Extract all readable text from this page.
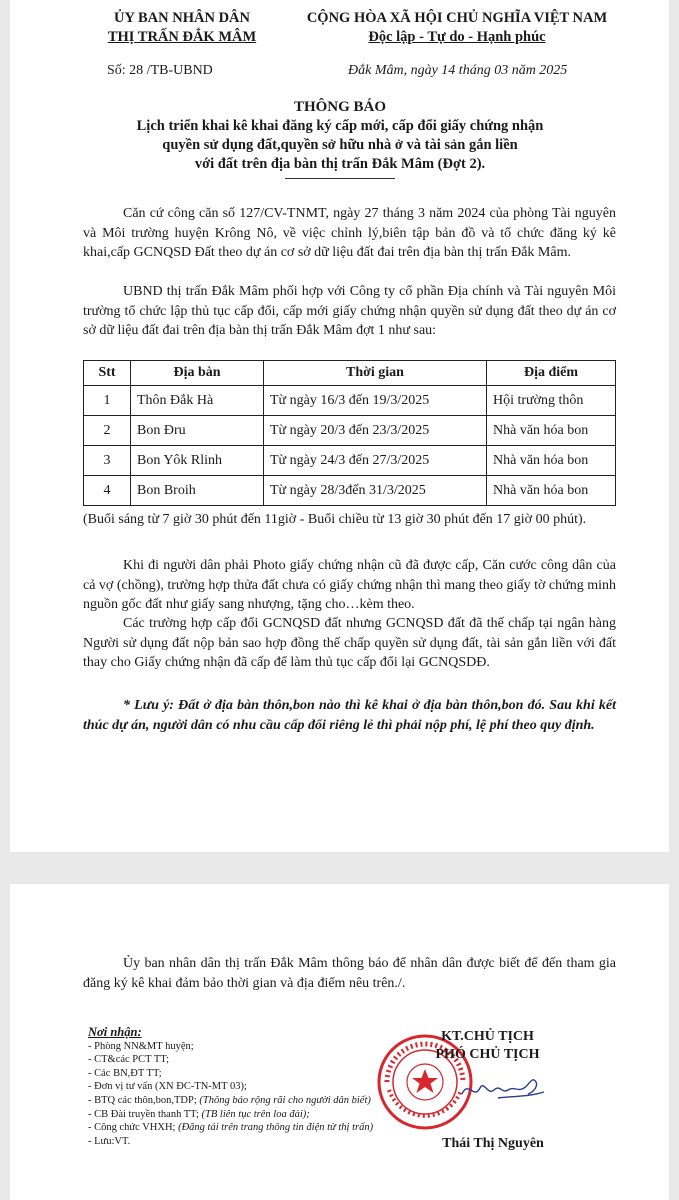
ỦY BAN NHÂN DÂN
THỊ TRẤN ĐẮK MÂM
CỘNG HÒA XÃ HỘI CHỦ NGHĨA VIỆT NAM
Độc lập - Tự do - Hạnh phúc
Số: 28 /TB-UBND	Đắk Mâm, ngày 14 tháng 03 năm 2025
THÔNG BÁO
Lịch triển khai kê khai đăng ký cấp mới, cấp đổi giấy chứng nhận
quyền sử dụng đất,quyền sở hữu nhà ở và tài sản gắn liền
với đất trên địa bàn thị trấn Đắk Mâm (Đợt 2).
Căn cứ công căn số 127/CV-TNMT, ngày 27 tháng 3 năm 2024 của phòng Tài nguyên và Môi trường huyện Krông Nô, về việc chỉnh lý,biên tập bản đồ và tổ chức đăng ký kê khai,cấp GCNQSD Đất theo dự án cơ sở dữ liệu đất đai trên địa bàn thị trấn Đắk Mâm.
UBND thị trấn Đắk Mâm phối hợp với Công ty cổ phần Địa chính và Tài nguyên Môi trường tổ chức lập thủ tục cấp đổi, cấp mới giấy chứng nhận quyền sử dụng đất theo dự án cơ sở dữ liệu đất đai trên địa bàn thị trấn Đắk Mâm đợt 1 như sau:
Stt	Địa bàn	Thời gian	Địa điểm
1	Thôn Đắk Hà	Từ ngày 16/3 đến 19/3/2025	Hội trường thôn
2	Bon Đru	Từ ngày 20/3 đến 23/3/2025	Nhà văn hóa bon
3	Bon Yôk Rlinh	Từ ngày 24/3 đến 27/3/2025	Nhà văn hóa bon
4	Bon Broih	Từ ngày 28/3đến 31/3/2025	Nhà văn hóa bon
(Buổi sáng từ 7 giờ 30 phút đến 11giờ - Buổi chiều từ 13 giờ 30 phút đến 17 giờ 00 phút).
Khi đi người dân phải Photo giấy chứng nhận cũ đã được cấp, Căn cước công dân của cả vợ (chồng), trường hợp thửa đất chưa có giấy chứng nhận thì mang theo giấy tờ chứng minh nguồn gốc đất như giấy sang nhượng, tặng cho…kèm theo.
Các trường hợp cấp đổi GCNQSD đất nhưng GCNQSD đất đã thế chấp tại ngân hàng Người sử dụng đất nộp bản sao hợp đồng thế chấp quyền sử dụng đất, tài sản gắn liền với đất thay cho Giấy chứng nhận đã cấp để làm thủ tục cấp đổi lại GCNQSDĐ.
* Lưu ý: Đất ở địa bàn thôn,bon nào thì kê khai ở địa bàn thôn,bon đó. Sau khi kết thúc dự án, người dân có nhu cầu cấp đổi riêng lẻ thì phải nộp phí, lệ phí theo quy định.
Ủy ban nhân dân thị trấn Đắk Mâm thông báo để nhân dân được biết để đến tham gia đăng ký kê khai đảm bảo thời gian và địa điểm nêu trên./.
Nơi nhận:
- Phòng NN&MT huyện;
- CT&các PCT TT;
- Các BN,ĐT TT;
- Đơn vị tư vấn (XN ĐC-TN-MT 03);
- BTQ các thôn,bon,TDP; (Thông báo rộng rãi cho người dân biết)
- CB Đài truyền thanh TT; (TB liên tục trên loa đài);
- Công chức VHXH; (Đăng tải trên trang thông tin điện tử thị trấn)
- Lưu:VT.
KT.CHỦ TỊCH
PHÓ CHỦ TỊCH
Thái Thị Nguyên
